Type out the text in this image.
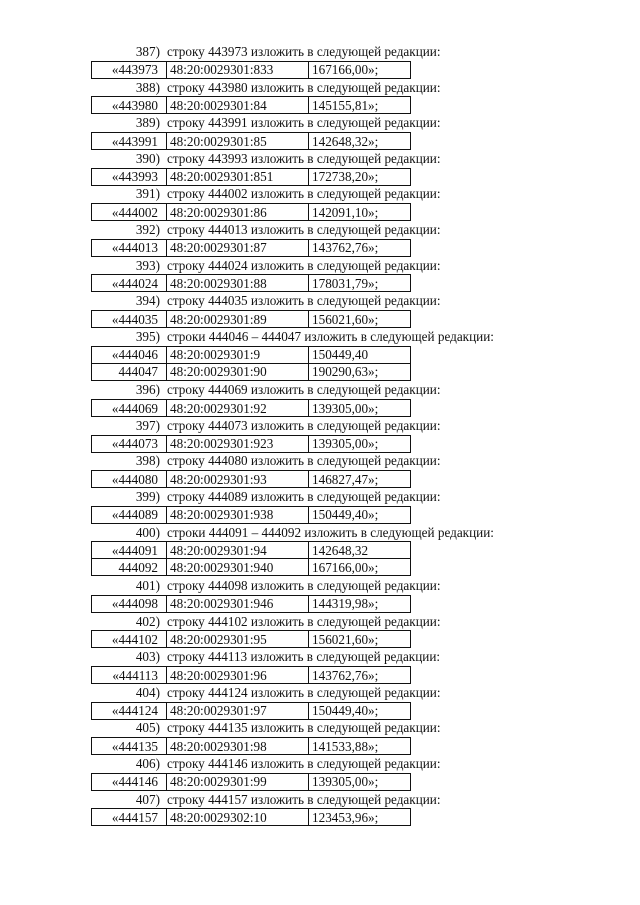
387) строку 443973 изложить в следующей редакции:
«443973	48:20:0029301:833	167166,00»;
388) строку 443980 изложить в следующей редакции:
«443980	48:20:0029301:84	145155,81»;
389) строку 443991 изложить в следующей редакции:
«443991	48:20:0029301:85	142648,32»;
390) строку 443993 изложить в следующей редакции:
«443993	48:20:0029301:851	172738,20»;
391) строку 444002 изложить в следующей редакции:
«444002	48:20:0029301:86	142091,10»;
392) строку 444013 изложить в следующей редакции:
«444013	48:20:0029301:87	143762,76»;
393) строку 444024 изложить в следующей редакции:
«444024	48:20:0029301:88	178031,79»;
394) строку 444035 изложить в следующей редакции:
«444035	48:20:0029301:89	156021,60»;
395) строки 444046 – 444047 изложить в следующей редакции:
«444046	48:20:0029301:9	150449,40
444047	48:20:0029301:90	190290,63»;
396) строку 444069 изложить в следующей редакции:
«444069	48:20:0029301:92	139305,00»;
397) строку 444073 изложить в следующей редакции:
«444073	48:20:0029301:923	139305,00»;
398) строку 444080 изложить в следующей редакции:
«444080	48:20:0029301:93	146827,47»;
399) строку 444089 изложить в следующей редакции:
«444089	48:20:0029301:938	150449,40»;
400) строки 444091 – 444092 изложить в следующей редакции:
«444091	48:20:0029301:94	142648,32
444092	48:20:0029301:940	167166,00»;
401) строку 444098 изложить в следующей редакции:
«444098	48:20:0029301:946	144319,98»;
402) строку 444102 изложить в следующей редакции:
«444102	48:20:0029301:95	156021,60»;
403) строку 444113 изложить в следующей редакции:
«444113	48:20:0029301:96	143762,76»;
404) строку 444124 изложить в следующей редакции:
«444124	48:20:0029301:97	150449,40»;
405) строку 444135 изложить в следующей редакции:
«444135	48:20:0029301:98	141533,88»;
406) строку 444146 изложить в следующей редакции:
«444146	48:20:0029301:99	139305,00»;
407) строку 444157 изложить в следующей редакции:
«444157	48:20:0029302:10	123453,96»;
